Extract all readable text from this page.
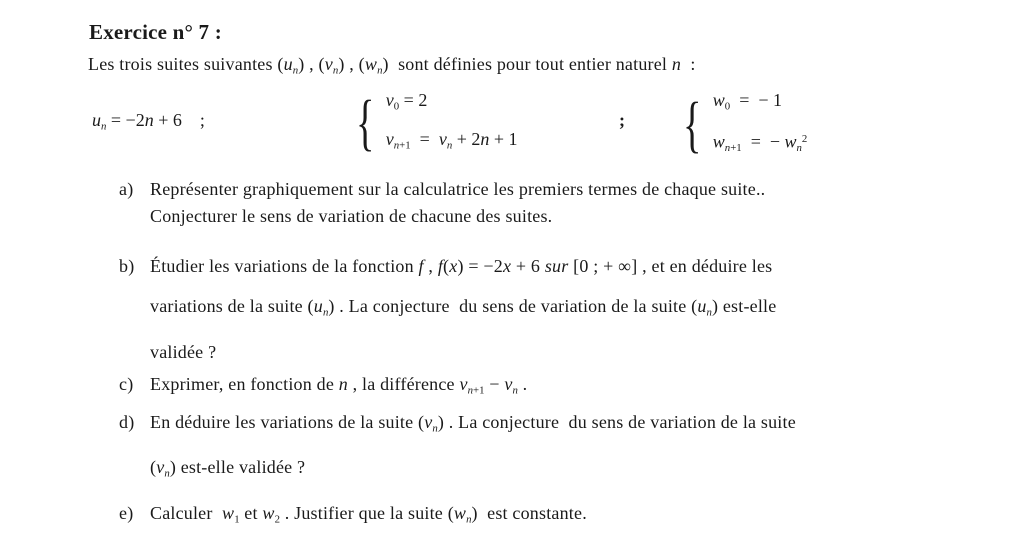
Exercice n° 7 :
Les trois suites suivantes $(u_n)$ , $(v_n)$ , $(w_n)$  sont définies pour tout entier naturel n  :
$u_n = -2n + 6$    ; { $v_0 = 2$
$v_{n+1} = v_n + 2n + 1$
; { $w_0$  =  − 1
$w_{n+1}$  =  − $w_n^2$
a) Représenter graphiquement sur la calculatrice les premiers termes de chaque suite..
Conjecturer le sens de variation de chacune des suites.
b) Étudier les variations de la fonction f , f(x) = −2x + 6 sur [0 ; + ∞] , et en déduire les
variations de la suite $(u_n)$ . La conjecture  du sens de variation de la suite $(u_n)$ est-elle
validée ?
c) Exprimer, en fonction de n , la différence $v_{n+1} - v_n$ .
d) En déduire les variations de la suite $(v_n)$ . La conjecture  du sens de variation de la suite
$(v_n)$ est-elle validée ?
e) Calculer  $w_1$ et $w_2$ . Justifier que la suite $(w_n)$  est constante.
